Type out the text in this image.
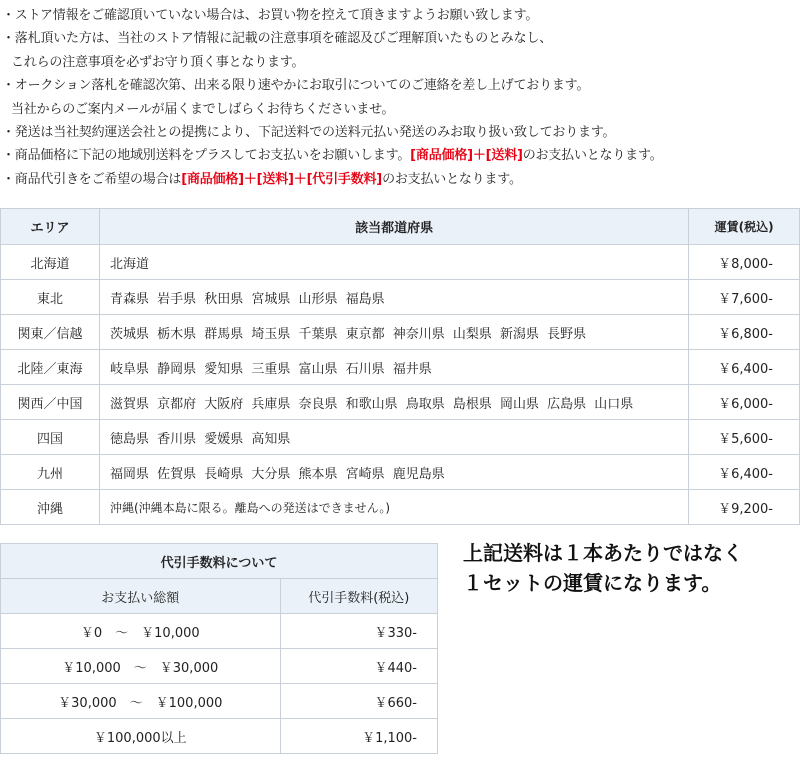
・ストア情報をご確認頂いていない場合は、お買い物を控えて頂きますようお願い致します。

・落札頂いた方は、当社のストア情報に記載の注意事項を確認及びご理解頂いたものとみなし、

これらの注意事項を必ずお守り頂く事となります。

・オークション落札を確認次第、出来る限り速やかにお取引についてのご連絡を差し上げております。

当社からのご案内メールが届くまでしばらくお待ちくださいませ。

・発送は当社契約運送会社との提携により、下記送料での送料元払い発送のみお取り扱い致しております。

・商品価格に下記の地域別送料をプラスしてお支払いをお願いします。[商品価格]＋[送料]のお支払いとなります。

・商品代引きをご希望の場合は[商品価格]＋[送料]＋[代引手数料]のお支払いとなります。

エリア	該当都道府県	運賃(税込)
北海道	北海道	￥8,000-
東北	青森県 岩手県 秋田県 宮城県 山形県 福島県	￥7,600-
関東／信越	茨城県 栃木県 群馬県 埼玉県 千葉県 東京都 神奈川県 山梨県 新潟県 長野県	￥6,800-
北陸／東海	岐阜県 静岡県 愛知県 三重県 富山県 石川県 福井県	￥6,400-
関西／中国	滋賀県 京都府 大阪府 兵庫県 奈良県 和歌山県 鳥取県 島根県 岡山県 広島県 山口県	￥6,000-
四国	徳島県 香川県 愛媛県 高知県	￥5,600-
九州	福岡県 佐賀県 長崎県 大分県 熊本県 宮崎県 鹿児島県	￥6,400-
沖縄	沖縄(沖縄本島に限る。離島への発送はできません。)	￥9,200-
代引手数料について	
お支払い総額	代引手数料(税込)
￥0　～　￥10,000	￥330-
￥10,000　～　￥30,000	￥440-
￥30,000　～　￥100,000	￥660-
￥100,000以上	￥1,100-
上記送料は１本あたりではなく
１セットの運賃になります。
